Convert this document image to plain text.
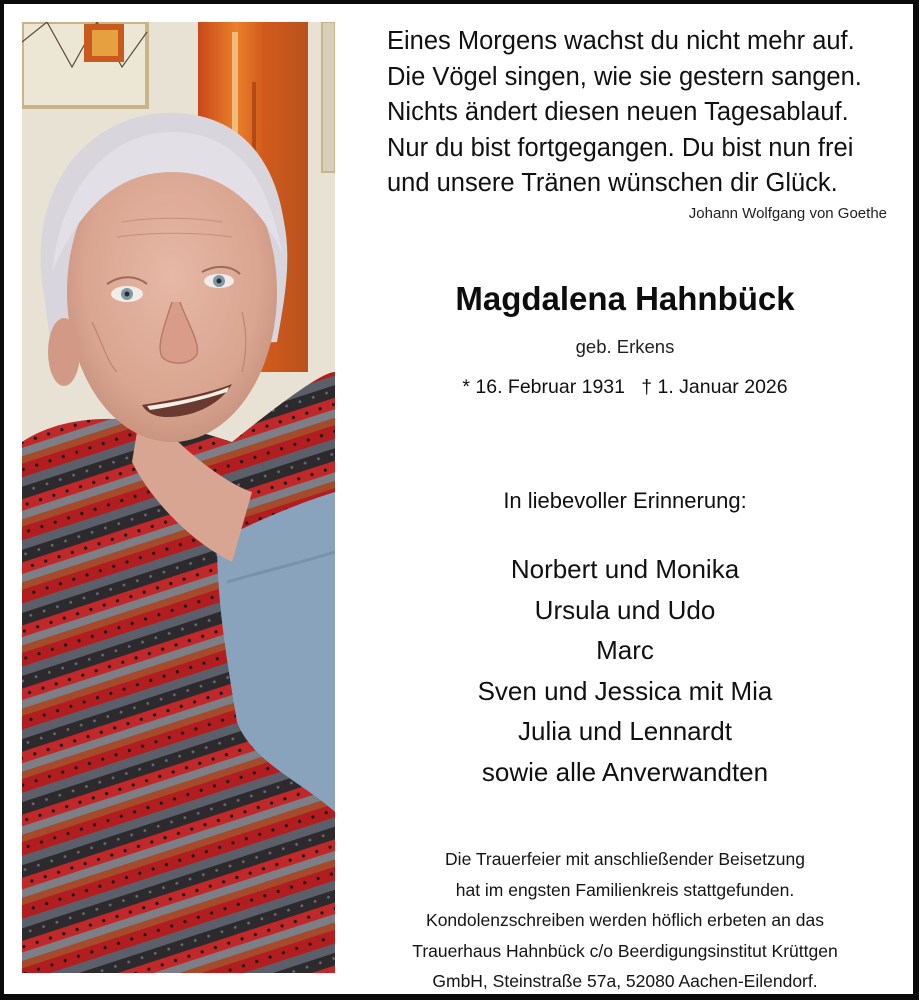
Eines Morgens wachst du nicht mehr auf.
Die Vögel singen, wie sie gestern sangen.
Nichts ändert diesen neuen Tagesablauf.
Nur du bist fortgegangen. Du bist nun frei
und unsere Tränen wünschen dir Glück.
Johann Wolfgang von Goethe
Magdalena Hahnbück
geb. Erkens
* 16. Februar 1931   † 1. Januar 2026
In liebevoller Erinnerung:
Norbert und Monika
Ursula und Udo
Marc
Sven und Jessica mit Mia
Julia und Lennardt
sowie alle Anverwandten
Die Trauerfeier mit anschließender Beisetzung
hat im engsten Familienkreis stattgefunden.
Kondolenzschreiben werden höflich erbeten an das
Trauerhaus Hahnbück c/o Beerdigungsinstitut Krüttgen
GmbH, Steinstraße 57a, 52080 Aachen-Eilendorf.
